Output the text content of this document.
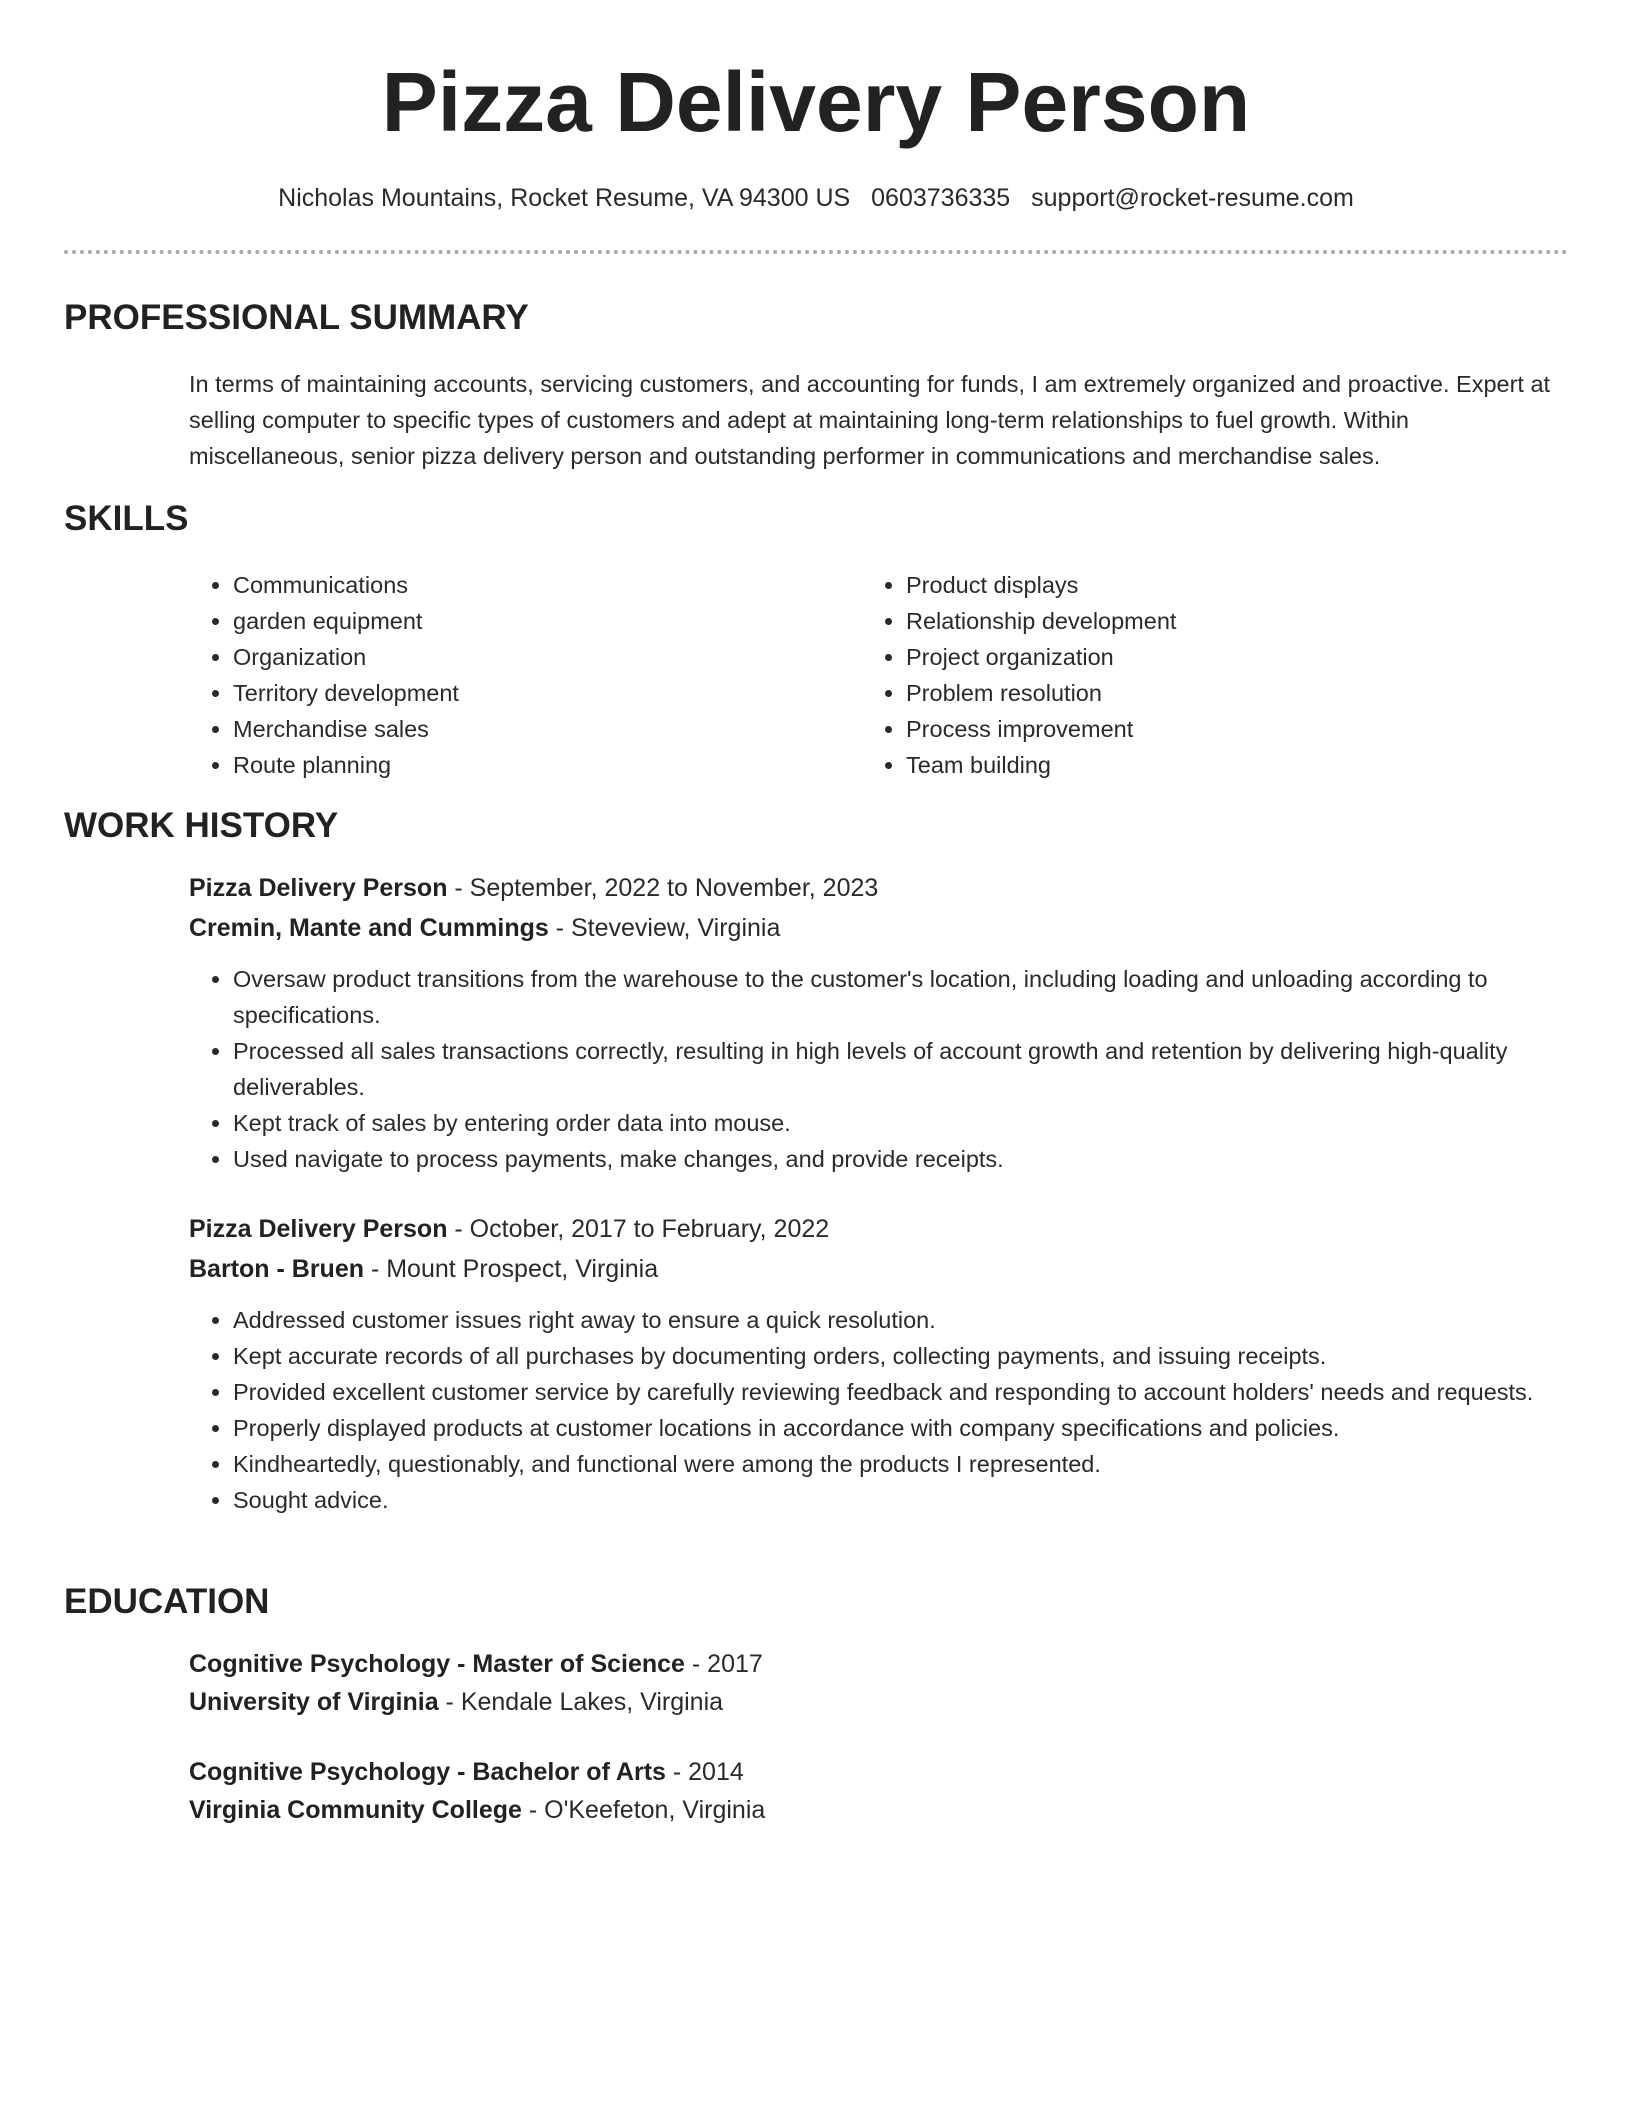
Pizza Delivery Person
Nicholas Mountains, Rocket Resume, VA 94300 US 0603736335 support@rocket-resume.com
PROFESSIONAL SUMMARY

In terms of maintaining accounts, servicing customers, and accounting for funds, I am extremely organized and proactive. Expert at selling computer to specific types of customers and adept at maintaining long-term relationships to fuel growth. Within miscellaneous, senior pizza delivery person and outstanding performer in communications and merchandise sales.

SKILLS
• Communications
• garden equipment
• Organization
• Territory development
• Merchandise sales
• Route planning
• Product displays
• Relationship development
• Project organization
• Problem resolution
• Process improvement
• Team building
WORK HISTORY
Pizza Delivery Person - September, 2022 to November, 2023
Cremin, Mante and Cummings - Steveview, Virginia
• Oversaw product transitions from the warehouse to the customer's location, including loading and unloading according to specifications.
• Processed all sales transactions correctly, resulting in high levels of account growth and retention by delivering high-quality deliverables.
• Kept track of sales by entering order data into mouse.
• Used navigate to process payments, make changes, and provide receipts.
Pizza Delivery Person - October, 2017 to February, 2022
Barton - Bruen - Mount Prospect, Virginia
• Addressed customer issues right away to ensure a quick resolution.
• Kept accurate records of all purchases by documenting orders, collecting payments, and issuing receipts.
• Provided excellent customer service by carefully reviewing feedback and responding to account holders' needs and requests.
• Properly displayed products at customer locations in accordance with company specifications and policies.
• Kindheartedly, questionably, and functional were among the products I represented.
• Sought advice.
EDUCATION
Cognitive Psychology - Master of Science - 2017
University of Virginia - Kendale Lakes, Virginia
Cognitive Psychology - Bachelor of Arts - 2014
Virginia Community College - O'Keefeton, Virginia
